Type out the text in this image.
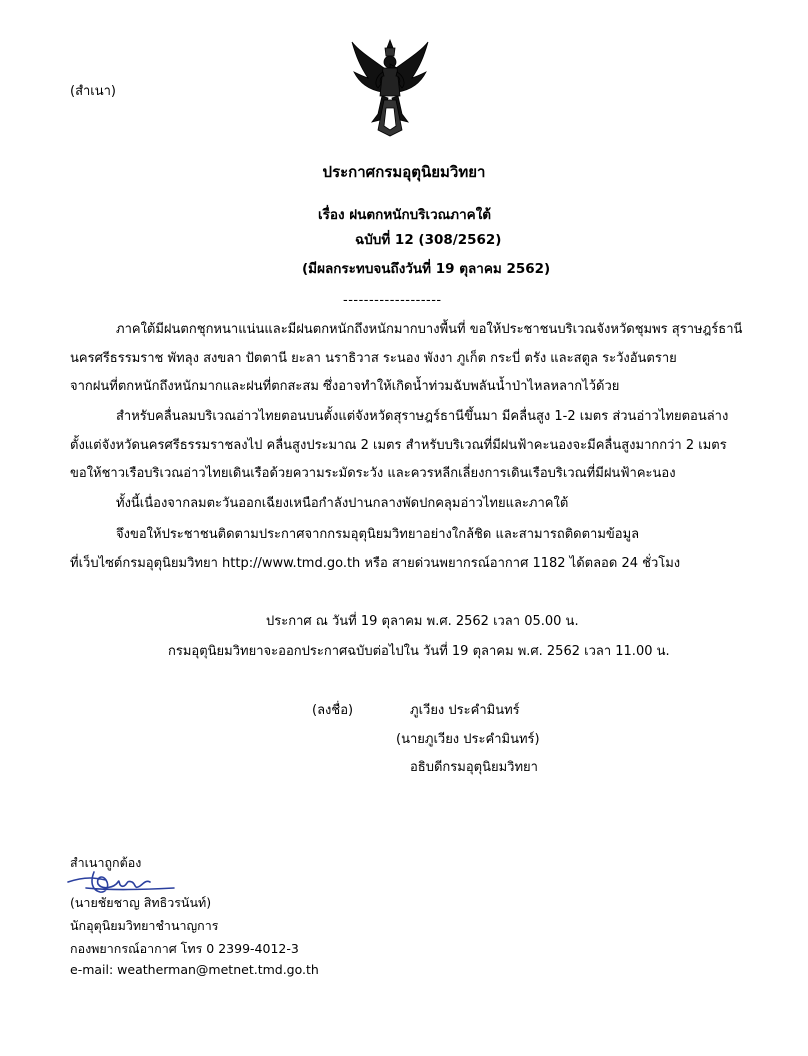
(สำเนา)
ประกาศกรมอุตุนิยมวิทยา
เรื่อง ฝนตกหนักบริเวณภาคใต้
ฉบับที่ 12 (308/2562)
(มีผลกระทบจนถึงวันที่ 19 ตุลาคม 2562)
-------------------
ภาคใต้มีฝนตกชุกหนาแน่นและมีฝนตกหนักถึงหนักมากบางพื้นที่ ขอให้ประชาชนบริเวณจังหวัดชุมพร สุราษฎร์ธานี
นครศรีธรรมราช พัทลุง สงขลา ปัตตานี ยะลา นราธิวาส ระนอง พังงา ภูเก็ต กระบี่ ตรัง และสตูล ระวังอันตราย
จากฝนที่ตกหนักถึงหนักมากและฝนที่ตกสะสม ซึ่งอาจทำให้เกิดน้ำท่วมฉับพลันน้ำป่าไหลหลากไว้ด้วย
สำหรับคลื่นลมบริเวณอ่าวไทยตอนบนตั้งแต่จังหวัดสุราษฎร์ธานีขึ้นมา มีคลื่นสูง 1-2 เมตร ส่วนอ่าวไทยตอนล่าง
ตั้งแต่จังหวัดนครศรีธรรมราชลงไป คลื่นสูงประมาณ 2 เมตร สำหรับบริเวณที่มีฝนฟ้าคะนองจะมีคลื่นสูงมากกว่า 2 เมตร
ขอให้ชาวเรือบริเวณอ่าวไทยเดินเรือด้วยความระมัดระวัง และควรหลีกเลี่ยงการเดินเรือบริเวณที่มีฝนฟ้าคะนอง
ทั้งนี้เนื่องจากลมตะวันออกเฉียงเหนือกำลังปานกลางพัดปกคลุมอ่าวไทยและภาคใต้
จึงขอให้ประชาชนติดตามประกาศจากกรมอุตุนิยมวิทยาอย่างใกล้ชิด และสามารถติดตามข้อมูล
ที่เว็บไซต์กรมอุตุนิยมวิทยา http://www.tmd.go.th หรือ สายด่วนพยากรณ์อากาศ 1182 ได้ตลอด 24 ชั่วโมง
ประกาศ ณ วันที่ 19 ตุลาคม พ.ศ. 2562 เวลา 05.00 น.
กรมอุตุนิยมวิทยาจะออกประกาศฉบับต่อไปใน วันที่ 19 ตุลาคม พ.ศ. 2562 เวลา 11.00 น.
(ลงชื่อ)	ภูเวียง ประคำมินทร์
(นายภูเวียง ประคำมินทร์)
อธิบดีกรมอุตุนิยมวิทยา
สำเนาถูกต้อง
(นายชัยชาญ สิทธิวรนันท์)
นักอุตุนิยมวิทยาชำนาญการ
กองพยากรณ์อากาศ โทร 0 2399-4012-3
e-mail: weatherman@metnet.tmd.go.th
